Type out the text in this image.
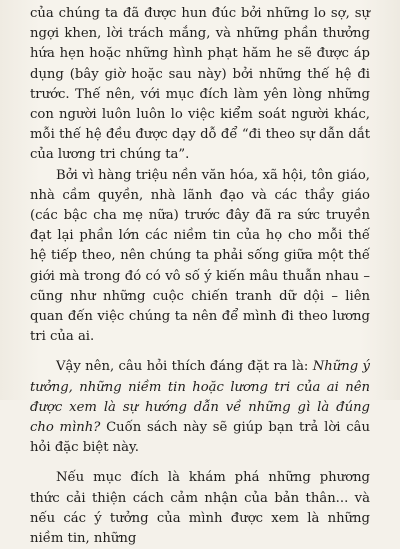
của chúng ta đã được hun đúc bởi những lo sợ, sự ngợi khen, lời trách mắng, và những phần thưởng hứa hẹn hoặc những hình phạt hăm he sẽ được áp dụng (bây giờ hoặc sau này) bởi những thế hệ đi trước. Thế nên, với mục đích làm yên lòng những con người luôn luôn lo việc kiểm soát người khác, mỗi thế hệ đều được dạy dỗ để “đi theo sự dẫn dắt của lương tri chúng ta”.

Bởi vì hàng triệu nền văn hóa, xã hội, tôn giáo, nhà cầm quyền, nhà lãnh đạo và các thầy giáo (các bậc cha mẹ nữa) trước đây đã ra sức truyền đạt lại phần lớn các niềm tin của họ cho mỗi thế hệ tiếp theo, nên chúng ta phải sống giữa một thế giới mà trong đó có vô số ý kiến mâu thuẫn nhau – cũng như những cuộc chiến tranh dữ dội – liên quan đến việc chúng ta nên để mình đi theo lương tri của ai.

Vậy nên, câu hỏi thích đáng đặt ra là: Những ý tưởng, những niềm tin hoặc lương tri của ai nên được xem là sự hướng dẫn về những gì là đúng cho mình? Cuốn sách này sẽ giúp bạn trả lời câu hỏi đặc biệt này.

Nếu mục đích là khám phá những phương thức cải thiện cách cảm nhận của bản thân... và nếu các ý tưởng của mình được xem là những niềm tin, những
